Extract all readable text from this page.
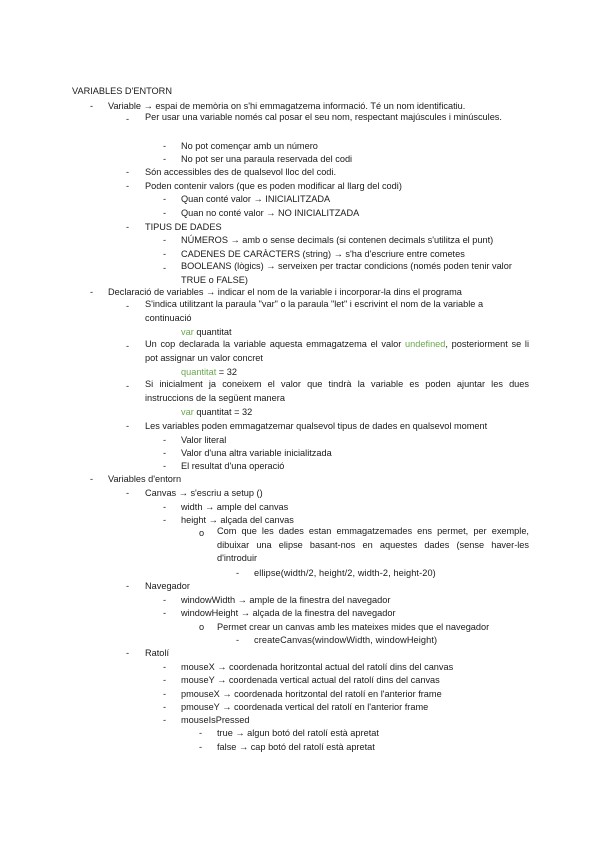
VARIABLES D'ENTORN
- Variable → espai de memòria on s'hi emmagatzema informació. Té un nom identificatiu.
- Per usar una variable només cal posar el seu nom, respectant majúscules i minúscules.
- No pot començar amb un número
- No pot ser una paraula reservada del codi
- Són accessibles des de qualsevol lloc del codi.
- Poden contenir valors (que es poden modificar al llarg del codi)
- Quan conté valor → INICIALITZADA
- Quan no conté valor → NO INICIALITZADA
- TIPUS DE DADES
- NÚMEROS → amb o sense decimals (si contenen decimals s'utilitza el punt)
- CADENES DE CARÀCTERS (string) → s'ha d'escriure entre cometes
- BOOLEANS (lògics) → serveixen per tractar condicions (només poden tenir valor TRUE o FALSE)
- Declaració de variables → indicar el nom de la variable i incorporar-la dins el programa
- S'indica utilitzant la paraula "var" o la paraula "let" i escrivint el nom de la variable a continuació
var quantitat
- Un cop declarada la variable aquesta emmagatzema el valor undefined, posteriorment se li pot assignar un valor concret
quantitat = 32
- Si inicialment ja coneixem el valor que tindrà la variable es poden ajuntar les dues instruccions de la següent manera
var quantitat = 32
- Les variables poden emmagatzemar qualsevol tipus de dades en qualsevol moment
- Valor literal
- Valor d'una altra variable inicialitzada
- El resultat d'una operació
- Variables d'entorn
- Canvas → s'escriu a setup ()
- width → ample del canvas
- height → alçada del canvas
o Com que les dades estan emmagatzemades ens permet, per exemple, dibuixar una elipse basant-nos en aquestes dades (sense haver-les d'introduir
- ellipse(width/2, height/2, width-2, height-20)
- Navegador
- windowWidth → ample de la finestra del navegador
- windowHeight → alçada de la finestra del navegador
o Permet crear un canvas amb les mateixes mides que el navegador
- createCanvas(windowWidth, windowHeight)
- Ratolí
- mouseX → coordenada horitzontal actual del ratolí dins del canvas
- mouseY → coordenada vertical actual del ratolí dins del canvas
- pmouseX → coordenada horitzontal del ratolí en l'anterior frame
- pmouseY → coordenada vertical del ratolí en l'anterior frame
- mouseIsPressed
- true → algun botó del ratolí està apretat
- false → cap botó del ratolí està apretat
